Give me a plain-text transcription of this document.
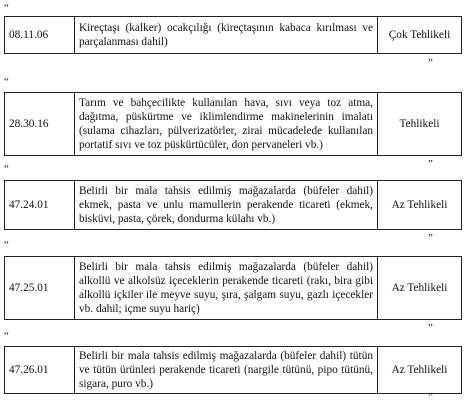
“
08.11.06
Kireçtaşı (kalker) ocakçılığı (kireçtaşının kabaca kırılması ve parçalanması dahil)
Çok Tehlikeli
”
“
28.30.16
Tarım ve bahçecilikte kullanılan hava, sıvı veya toz atma, dağıtma, püskürtme ve iklimlendirme makinelerinin imalatı (sulama cihazları, pülverizatörler, zirai mücadelede kullanılan portatif sıvı ve toz püskürtücüler, don pervaneleri vb.)
Tehlikeli
”
“
47.24.01
Belirli bir mala tahsis edilmiş mağazalarda (büfeler dahil) ekmek, pasta ve unlu mamullerin perakende ticareti (ekmek, bisküvi, pasta, çörek, dondurma külahı vb.)
Az Tehlikeli
”
“
47.25.01
Belirli bir mala tahsis edilmiş mağazalarda (büfeler dahil) alkollü ve alkolsüz içeceklerin perakende ticareti (rakı, bira gibi alkollü içkiler ile meyve suyu, şıra, şalgam suyu, gazlı içecekler vb. dahil; içme suyu hariç)
Az Tehlikeli
”
“
47.26.01
Belirli bir mala tahsis edilmiş mağazalarda (büfeler dahil) tütün ve tütün ürünleri perakende ticareti (nargile tütünü, pipo tütünü, sigara, puro vb.)
Az Tehlikeli
”
